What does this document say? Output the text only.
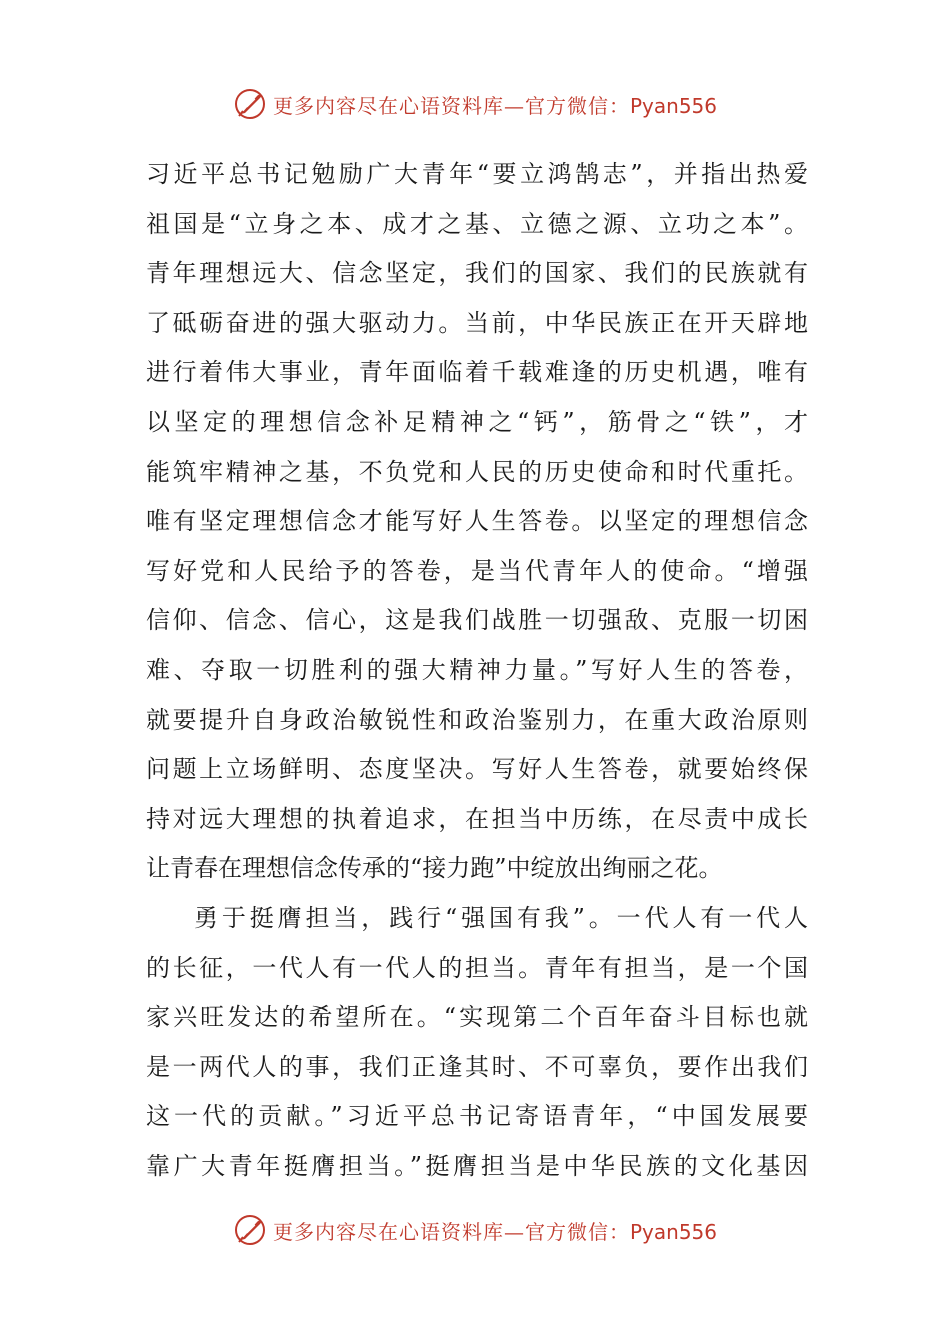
更多内容尽在心语资料库—官方微信：Pyan556
习近平总书记勉励广大青年“要立鸿鹄志”，并指出热爱
祖国是“立身之本、成才之基、立德之源、立功之本”。
青年理想远大、信念坚定，我们的国家、我们的民族就有
了砥砺奋进的强大驱动力。当前，中华民族正在开天辟地
进行着伟大事业，青年面临着千载难逢的历史机遇，唯有
以坚定的理想信念补足精神之“钙”，筋骨之“铁”，才
能筑牢精神之基，不负党和人民的历史使命和时代重托。
唯有坚定理想信念才能写好人生答卷。以坚定的理想信念
写好党和人民给予的答卷，是当代青年人的使命。“增强
信仰、信念、信心，这是我们战胜一切强敌、克服一切困
难、夺取一切胜利的强大精神力量。”写好人生的答卷，
就要提升自身政治敏锐性和政治鉴别力，在重大政治原则
问题上立场鲜明、态度坚决。写好人生答卷，就要始终保
持对远大理想的执着追求，在担当中历练，在尽责中成长
让青春在理想信念传承的“接力跑”中绽放出绚丽之花。
勇于挺膺担当，践行“强国有我”。一代人有一代人
的长征，一代人有一代人的担当。青年有担当，是一个国
家兴旺发达的希望所在。“实现第二个百年奋斗目标也就
是一两代人的事，我们正逢其时、不可辜负，要作出我们
这一代的贡献。”习近平总书记寄语青年，“中国发展要
靠广大青年挺膺担当。”挺膺担当是中华民族的文化基因
更多内容尽在心语资料库—官方微信：Pyan556
